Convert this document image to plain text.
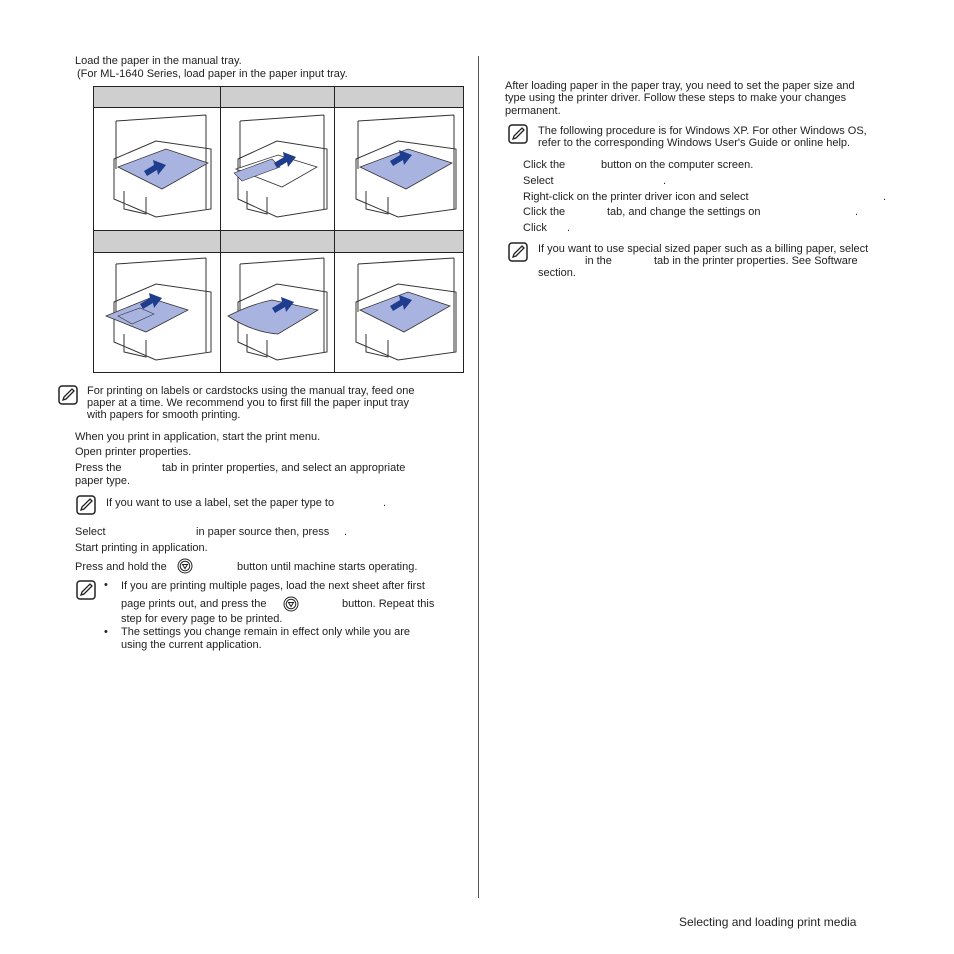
Load the paper in the manual tray.
(For ML-1640 Series, load paper in the paper input tray.
For printing on labels or cardstocks using the manual tray, feed one
paper at a time. We recommend you to first fill the paper input tray
with papers for smooth printing.
When you print in application, start the print menu.
Open printer properties.
Press the	tab in printer properties, and select an appropriate
paper type.
If you want to use a label, set the paper type to	.
Select	in paper source then, press .
Start printing in application.
Press and hold the	button until machine starts operating.
• If you are printing multiple pages, load the next sheet after first
page prints out, and press the	button. Repeat this
step for every page to be printed.
• The settings you change remain in effect only while you are
using the current application.
After loading paper in the paper tray, you need to set the paper size and
type using the printer driver. Follow these steps to make your changes
permanent.
The following procedure is for Windows XP. For other Windows OS,
refer to the corresponding Windows User's Guide or online help.
Click the	button on the computer screen.
Select	.
Right-click on the printer driver icon and select	.
Click the	tab, and change the settings on	.
Click .
If you want to use special sized paper such as a billing paper, select
in the	tab in the printer properties. See Software
section.
Selecting and loading print media
